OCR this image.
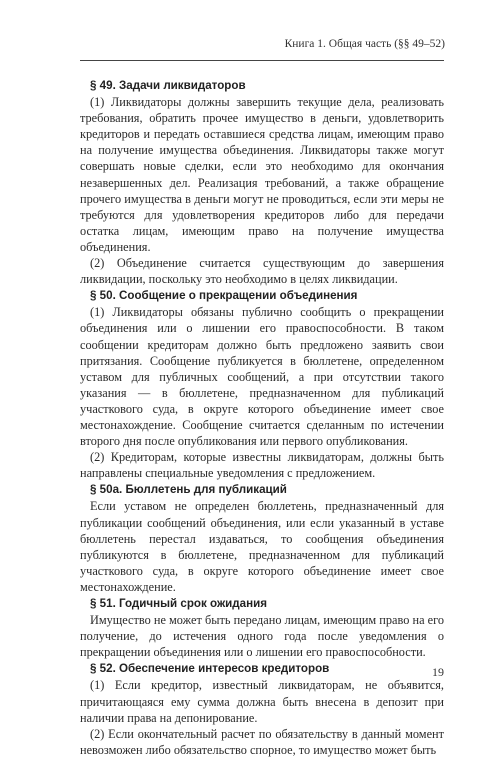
Книга 1. Общая часть (§§ 49–52)
§ 49. Задачи ликвидаторов

(1) Ликвидаторы должны завершить текущие дела, реализовать требования, обратить прочее имущество в деньги, удовлетворить кредиторов и передать оставшиеся средства лицам, имеющим право на получение имущества объединения. Ликвидаторы также могут совершать новые сделки, если это необходимо для окончания незавершенных дел. Реализация требований, а также обращение прочего имущества в деньги могут не проводиться, если эти меры не требуются для удовлетворения кредиторов либо для передачи остатка лицам, имеющим право на получение имущества объединения.

(2) Объединение считается существующим до завершения ликвидации, поскольку это необходимо в целях ликвидации.

§ 50. Сообщение о прекращении объединения

(1) Ликвидаторы обязаны публично сообщить о прекращении объединения или о лишении его правоспособности. В таком сообщении кредиторам должно быть предложено заявить свои притязания. Сообщение публикуется в бюллетене, определенном уставом для публичных сообщений, а при отсутствии такого указания — в бюллетене, предназначенном для публикаций участкового суда, в округе которого объединение имеет свое местонахождение. Сообщение считается сделанным по истечении второго дня после опубликования или первого опубликования.

(2) Кредиторам, которые известны ликвидаторам, должны быть направлены специальные уведомления с предложением.

§ 50a. Бюллетень для публикаций

Если уставом не определен бюллетень, предназначенный для публикации сообщений объединения, или если указанный в уставе бюллетень перестал издаваться, то сообщения объединения публикуются в бюллетене, предназначенном для публикаций участкового суда, в округе которого объединение имеет свое местонахождение.

§ 51. Годичный срок ожидания

Имущество не может быть передано лицам, имеющим право на его получение, до истечения одного года после уведомления о прекращении объединения или о лишении его правоспособности.

§ 52. Обеспечение интересов кредиторов

(1) Если кредитор, известный ликвидаторам, не объявится, причитающаяся ему сумма должна быть внесена в депозит при наличии права на депонирование.

(2) Если окончательный расчет по обязательству в данный момент невозможен либо обязательство спорное, то имущество может быть

19
